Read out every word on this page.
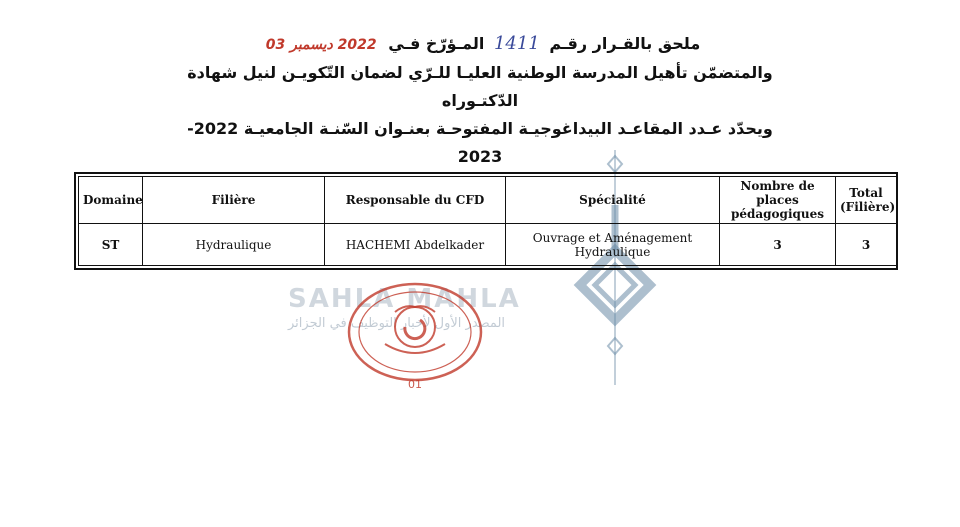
ملحق بالقـرار رقـم 1411 المـؤرّخ فـي 2022 ديسمبر 03
والمتضمّن تأهيل المدرسة الوطنية العليـا للـرّي لضمان التّكويـن لنيل شهادة الدّكتـوراه
ويحدّد عـدد المقاعـد البيداغوجيـة المفتوحـة بعنـوان السّنـة الجامعيـة 2022-2023
SAHLA MAHLA
المصدر الأول لأخبار التوظيف في الجزائر
Domaine	Filière	Responsable du CFD	Spécialité	Nombre de places pédagogiques	Total (Filière)
ST	Hydraulique	HACHEMI Abdelkader	Ouvrage et Aménagement Hydraulique	3	3
01
